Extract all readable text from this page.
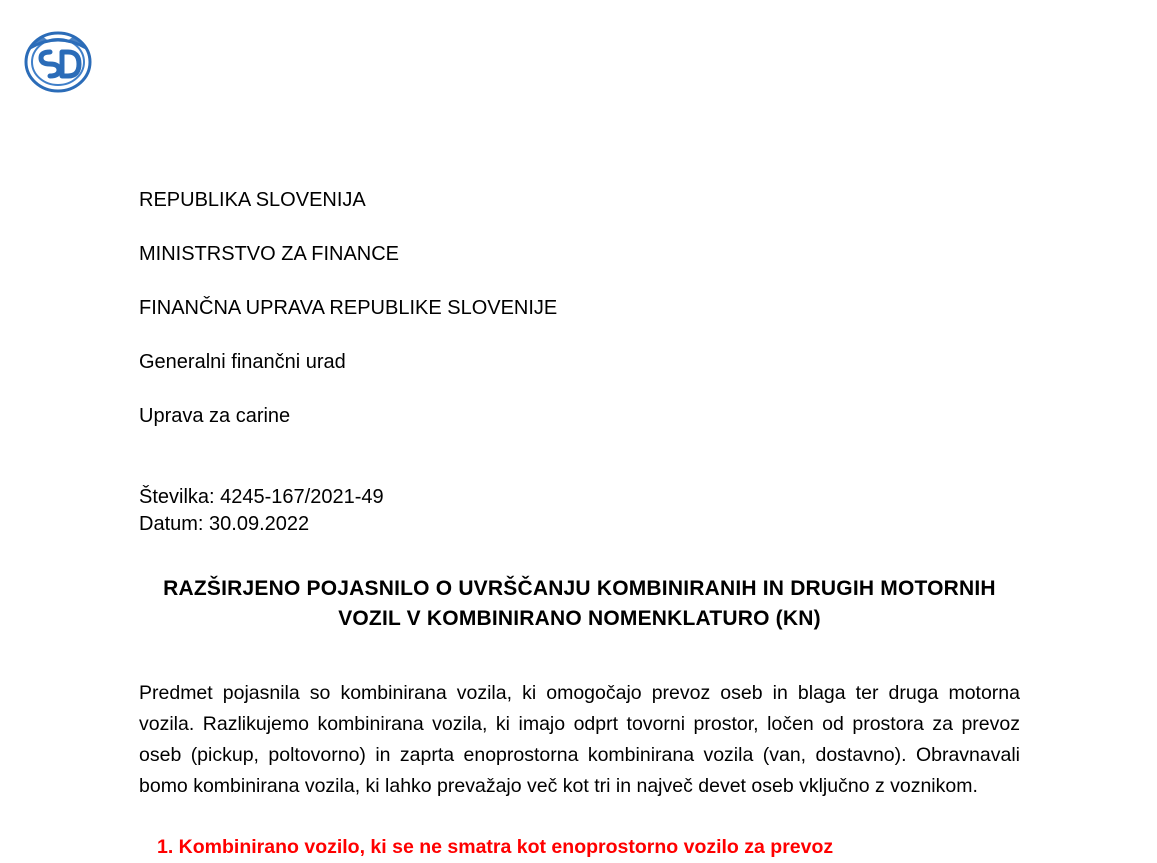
REPUBLIKA SLOVENIJA

MINISTRSTVO ZA FINANCE

FINANČNA UPRAVA REPUBLIKE SLOVENIJE

Generalni finančni urad

Uprava za carine

Številka: 4245-167/2021-49
Datum: 30.09.2022
RAZŠIRJENO POJASNILO O UVRŠČANJU KOMBINIRANIH IN DRUGIH MOTORNIH VOZIL V KOMBINIRANO NOMENKLATURO (KN)
Predmet pojasnila so kombinirana vozila, ki omogočajo prevoz oseb in blaga ter druga motorna vozila. Razlikujemo kombinirana vozila, ki imajo odprt tovorni prostor, ločen od prostora za prevoz oseb (pickup, poltovorno) in zaprta enoprostorna kombinirana vozila (van, dostavno). Obravnavali bomo kombinirana vozila, ki lahko prevažajo več kot tri in največ devet oseb vključno z voznikom.
1. Kombinirano vozilo, ki se ne smatra kot enoprostorno vozilo za prevoz
